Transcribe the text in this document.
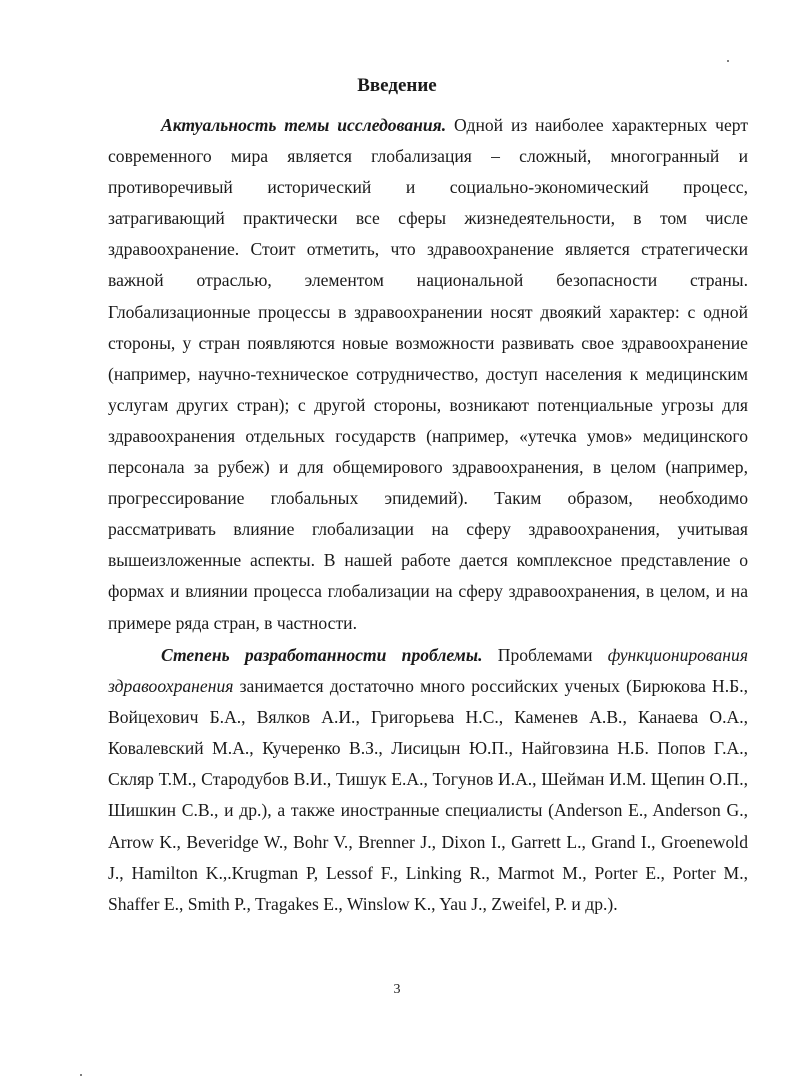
Введение

Актуальность темы исследования. Одной из наиболее характерных черт современного мира является глобализация – сложный, многогранный и противоречивый исторический и социально-экономический процесс, затрагивающий практически все сферы жизнедеятельности, в том числе здравоохранение. Стоит отметить, что здравоохранение является стратегически важной отраслью, элементом национальной безопасности страны. Глобализационные процессы в здравоохранении носят двоякий характер: с одной стороны, у стран появляются новые возможности развивать свое здравоохранение (например, научно-техническое сотрудничество, доступ населения к медицинским услугам других стран); с другой стороны, возникают потенциальные угрозы для здравоохранения отдельных государств (например, «утечка умов» медицинского персонала за рубеж) и для общемирового здравоохранения, в целом (например, прогрессирование глобальных эпидемий). Таким образом, необходимо рассматривать влияние глобализации на сферу здравоохранения, учитывая вышеизложенные аспекты. В нашей работе дается комплексное представление о формах и влиянии процесса глобализации на сферу здравоохранения, в целом, и на примере ряда стран, в частности.

Степень разработанности проблемы. Проблемами функционирования здравоохранения занимается достаточно много российских ученых (Бирюкова Н.Б., Войцехович Б.А., Вялков А.И., Григорьева Н.С., Каменев А.В., Канаева О.А., Ковалевский М.А., Кучеренко В.З., Лисицын Ю.П., Найговзина Н.Б. Попов Г.А., Скляр Т.М., Стародубов В.И., Тишук Е.А., Тогунов И.А., Шейман И.М. Щепин О.П., Шишкин С.В., и др.), а также иностранные специалисты (Anderson E., Anderson G., Arrow K., Beveridge W., Bohr V., Brenner J., Dixon I., Garrett L., Grand I., Groenewold J., Hamilton K.,.Krugman P, Lessof F., Linking R., Marmot M., Porter E., Porter M., Shaffer E., Smith P., Tragakes E., Winslow K., Yau J., Zweifel, P. и др.).

3
